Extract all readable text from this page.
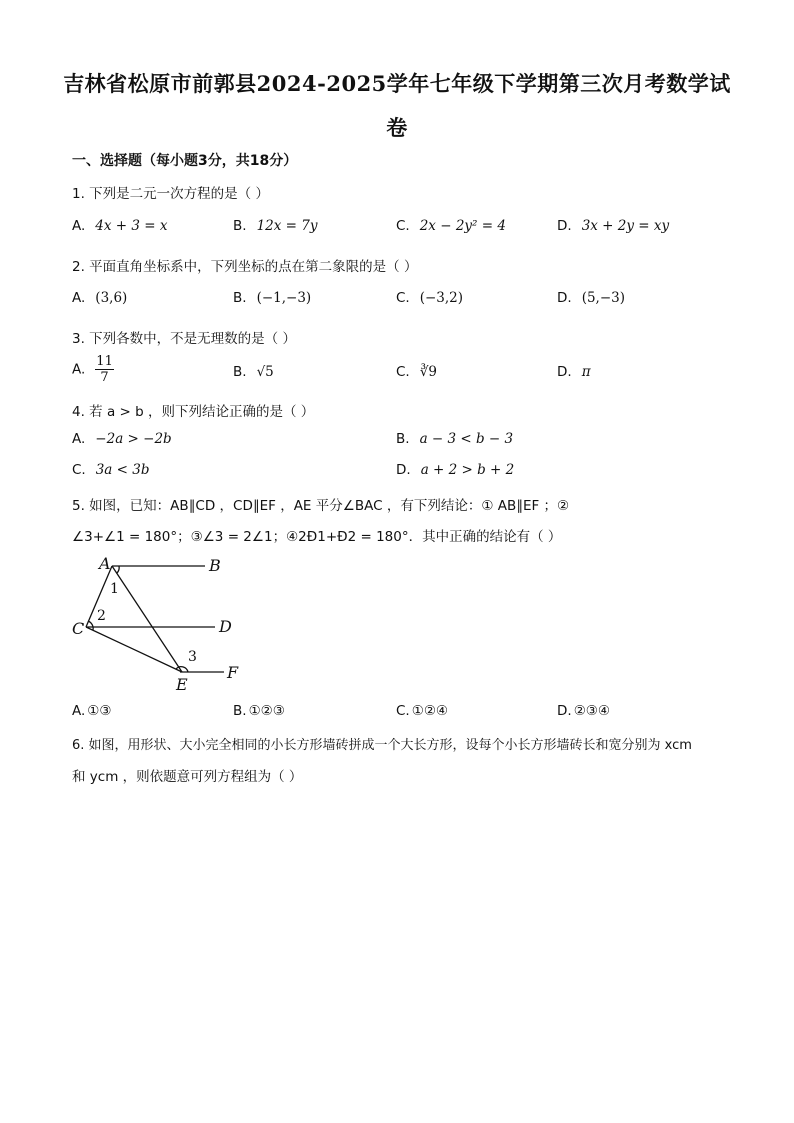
吉林省松原市前郭县2024-2025学年七年级下学期第三次月考数学试
卷
一、选择题（每小题3分，共18分）
1. 下列是二元一次方程的是（ ）
A. 4x + 3 = x	B. 12x = 7y	C. 2x − 2y² = 4	D. 3x + 2y = xy
2. 平面直角坐标系中，下列坐标的点在第二象限的是（ ）
A. (3,6)	B. (−1,−3)	C. (−3,2)	D. (5,−3)
3. 下列各数中，不是无理数的是（ ）
A. $\frac{11}{7}$	B. √5	C. ∛9	D. π
4. 若 a > b ，则下列结论正确的是（ ）
A. −2a > −2b	B. a − 3 < b − 3
C. 3a < 3b	D. a + 2 > b + 2
5. 如图，已知：AB∥CD ，CD∥EF ，AE 平分∠BAC ，有下列结论：① AB∥EF ；②
∠3+∠1 = 180°；③∠3 = 2∠1；④2Ð1+Ð2 = 180°．其中正确的结论有（ ）
A	B
C	D
E
F
1
2
3
A. ①③	B. ①②③	C. ①②④	D. ②③④
6. 如图，用形状、大小完全相同的小长方形墙砖拼成一个大长方形，设每个小长方形墙砖长和宽分别为 xcm
和 ycm ，则依题意可列方程组为（ ）
